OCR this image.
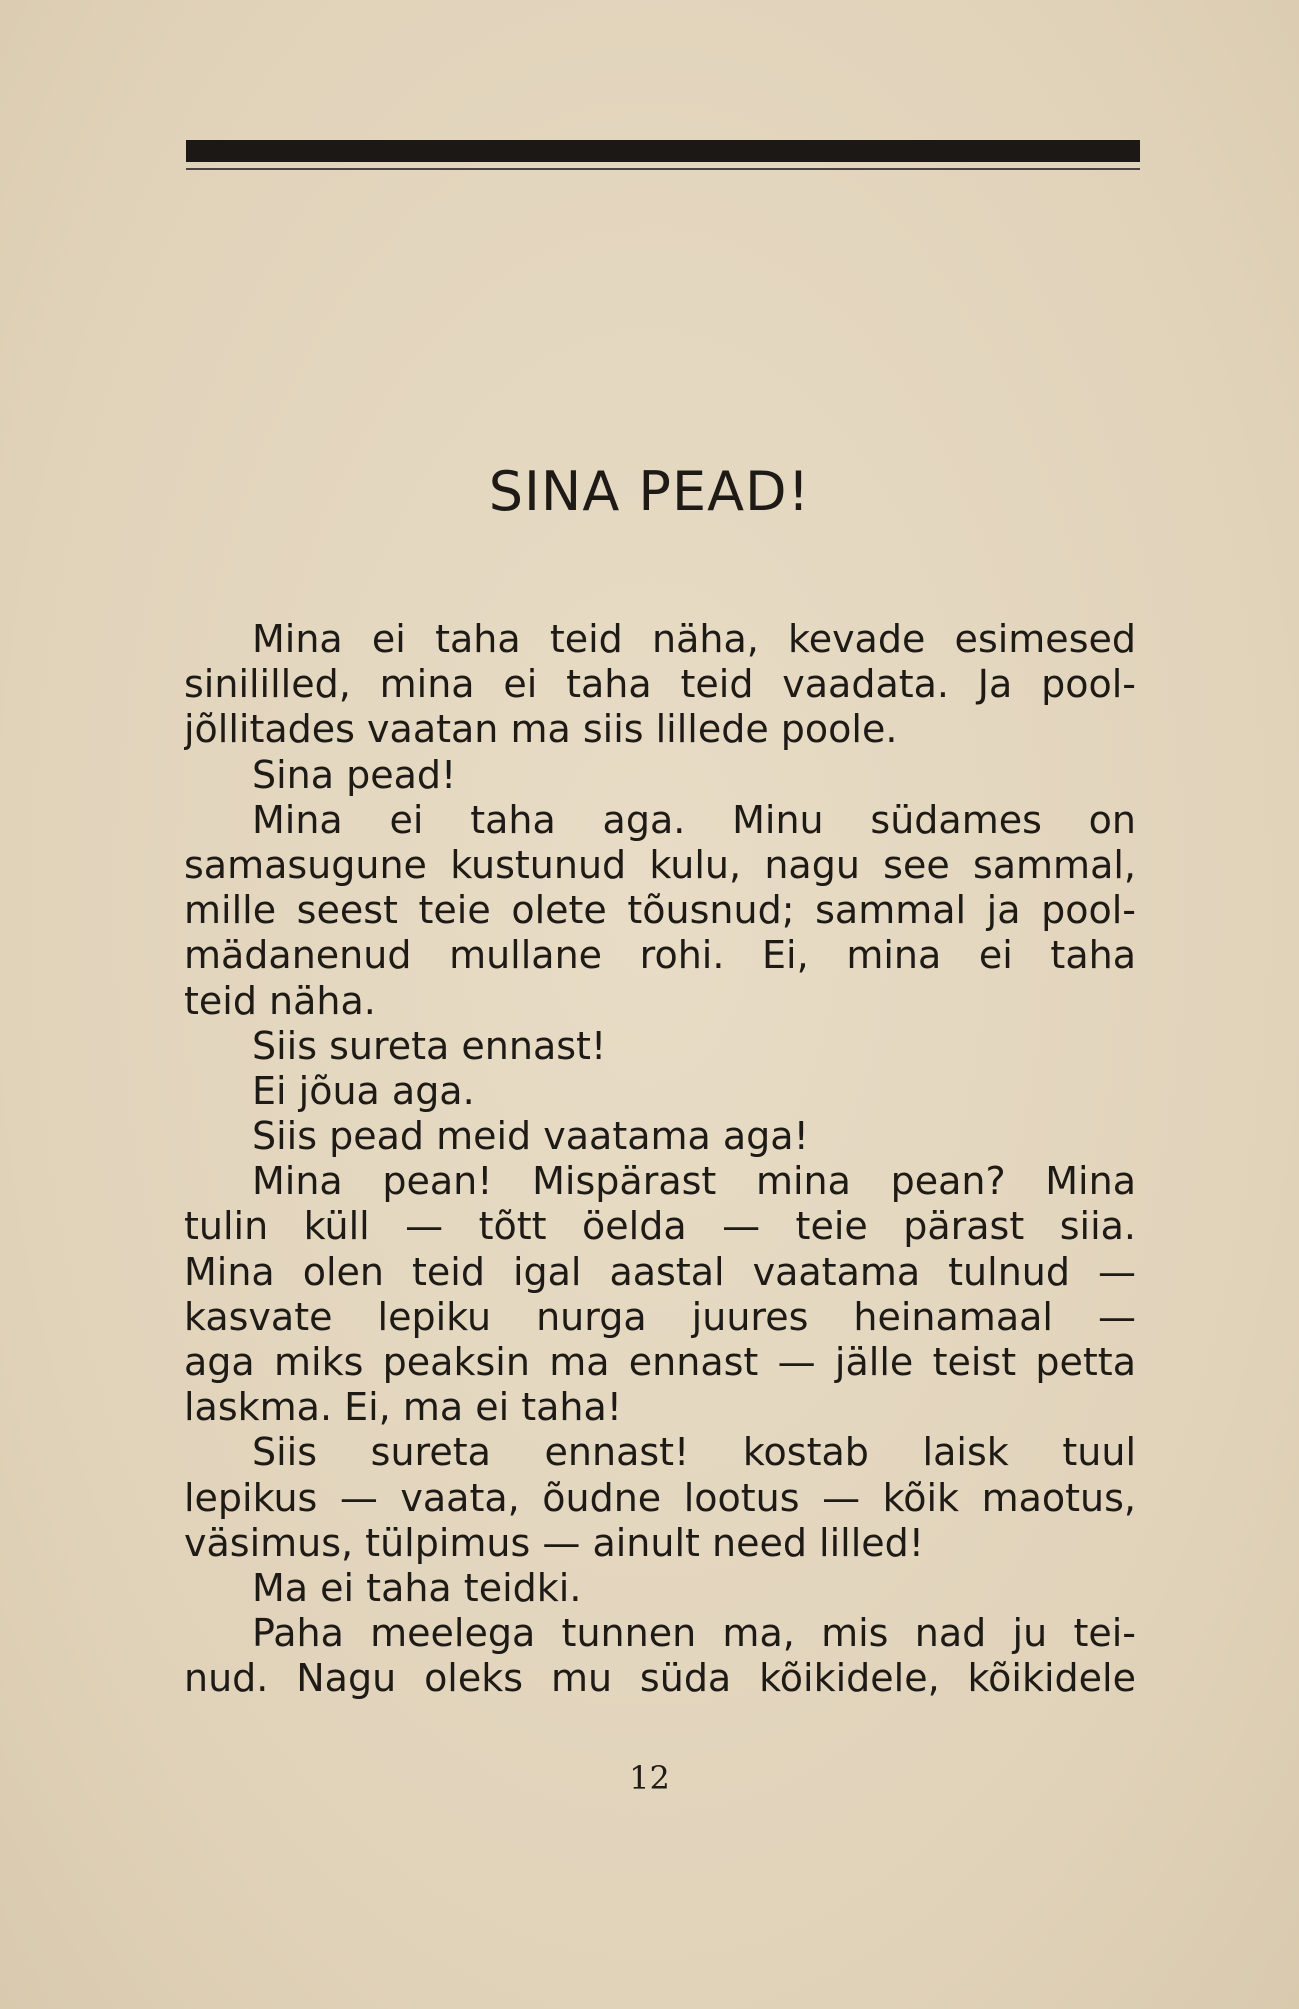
SINA PEAD!
Mina ei taha teid näha, kevade esimesed
sinililled, mina ei taha teid vaadata. Ja pool-
jõllitades vaatan ma siis lillede poole.
Sina pead!
Mina ei taha aga. Minu südames on
samasugune kustunud kulu, nagu see sammal,
mille seest teie olete tõusnud; sammal ja pool-
mädanenud mullane rohi. Ei, mina ei taha
teid näha.
Siis sureta ennast!
Ei jõua aga.
Siis pead meid vaatama aga!
Mina pean! Mispärast mina pean? Mina
tulin küll — tõtt öelda — teie pärast siia.
Mina olen teid igal aastal vaatama tulnud —
kasvate lepiku nurga juures heinamaal —
aga miks peaksin ma ennast — jälle teist petta
laskma. Ei, ma ei taha!
Siis sureta ennast! kostab laisk tuul
lepikus — vaata, õudne lootus — kõik maotus,
väsimus, tülpimus — ainult need lilled!
Ma ei taha teidki.
Paha meelega tunnen ma, mis nad ju tei-
nud. Nagu oleks mu süda kõikidele, kõikidele
12
